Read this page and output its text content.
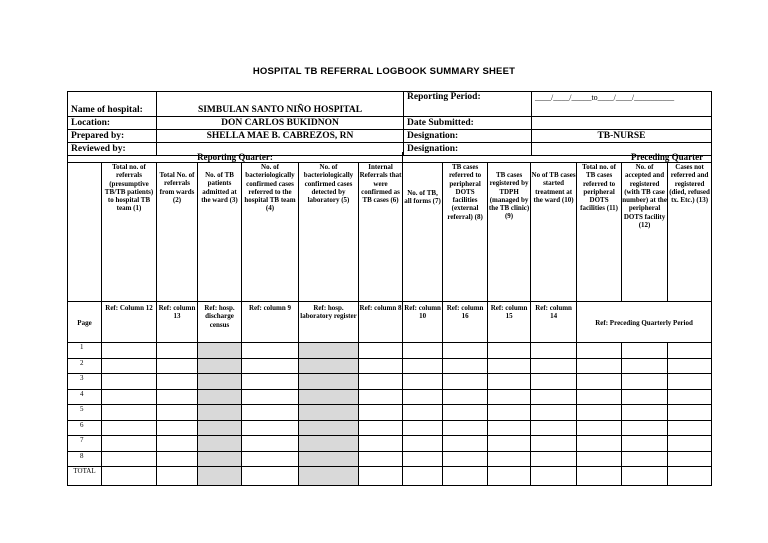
HOSPITAL TB REFERRAL LOGBOOK SUMMARY SHEET
Name of hospital:	SIMBULAN SANTO NIÑO HOSPITAL	Reporting Period:	____/____/_____to____/____/__________
Location:	DON CARLOS BUKIDNON	Date Submitted:	
Prepared by:	SHELLA MAE B. CABREZOS, RN	Designation:	TB-NURSE
Reviewed by:		Designation:	
Reporting Quarter:							Preceding Quarter						
	Total no. of referrals (presumptive TB/TB patients) to hospital TB team (1)	Total No. of referrals from wards (2)	No. of TB patients admitted at the ward (3)	No. of bacteriologically confirmed cases referred to the hospital TB team (4)	No. of bacteriologically confirmed cases detected by laboratory (5)	Internal Referrals that were confirmed as TB cases (6)	No. of TB, all forms (7)	TB cases referred to peripheral DOTS facilities (external referral) (8)	TB cases registered by TDPH (managed by the TB clinic) (9)	No of TB cases started treatment at the ward (10)	Total no. of TB cases referred to peripheral DOTS facilities (11)	No. of accepted and registered (with TB case number) at the peripheral DOTS facility (12)	Cases not referred and registered (died, refused tx. Etc.) (13)
Page	Ref: Column 12	Ref: column 13	Ref: hosp. discharge census	Ref: column 9	Ref: hosp. laboratory register	Ref: column 8	Ref: column 10	Ref: column 16	Ref: column 15	Ref: column 14	Ref: Preceding Quarterly Period		
1													
2													
3													
4													
5													
6													
7													
8													
TOTAL													
